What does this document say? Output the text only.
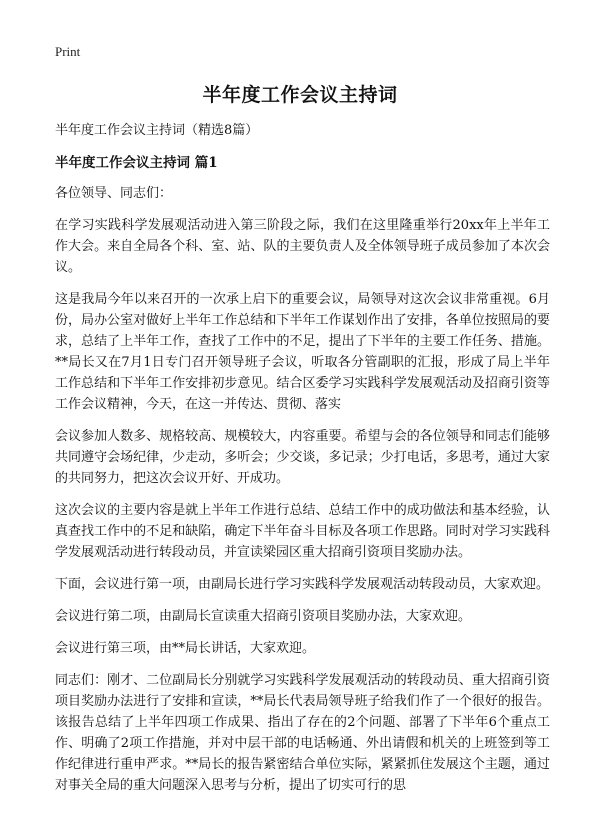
Print
半年度工作会议主持词
半年度工作会议主持词（精选8篇）
半年度工作会议主持词 篇1

各位领导、同志们：

在学习实践科学发展观活动进入第三阶段之际，我们在这里隆重举行20xx年上半年工作大会。来自全局各个科、室、站、队的主要负责人及全体领导班子成员参加了本次会议。

这是我局今年以来召开的一次承上启下的重要会议，局领导对这次会议非常重视。6月份，局办公室对做好上半年工作总结和下半年工作谋划作出了安排，各单位按照局的要求，总结了上半年工作，查找了工作中的不足，提出了下半年的主要工作任务、措施。**局长又在7月1日专门召开领导班子会议，听取各分管副职的汇报，形成了局上半年工作总结和下半年工作安排初步意见。结合区委学习实践科学发展观活动及招商引资等工作会议精神，今天，在这一并传达、贯彻、落实

会议参加人数多、规格较高、规模较大，内容重要。希望与会的各位领导和同志们能够共同遵守会场纪律，少走动，多听会；少交谈，多记录；少打电话，多思考，通过大家的共同努力，把这次会议开好、开成功。

这次会议的主要内容是就上半年工作进行总结、总结工作中的成功做法和基本经验，认真查找工作中的不足和缺陷，确定下半年奋斗目标及各项工作思路。同时对学习实践科学发展观活动进行转段动员，并宣读梁园区重大招商引资项目奖励办法。

下面，会议进行第一项，由副局长进行学习实践科学发展观活动转段动员，大家欢迎。

会议进行第二项，由副局长宣读重大招商引资项目奖励办法，大家欢迎。

会议进行第三项，由**局长讲话，大家欢迎。

同志们：刚才、二位副局长分别就学习实践科学发展观活动的转段动员、重大招商引资项目奖励办法进行了安排和宣读，**局长代表局领导班子给我们作了一个很好的报告。该报告总结了上半年四项工作成果、指出了存在的2个问题、部署了下半年6个重点工作、明确了2项工作措施，并对中层干部的电话畅通、外出请假和机关的上班签到等工作纪律进行重申严求。**局长的报告紧密结合单位实际，紧紧抓住发展这个主题，通过对事关全局的重大问题深入思考与分析，提出了切实可行的思
